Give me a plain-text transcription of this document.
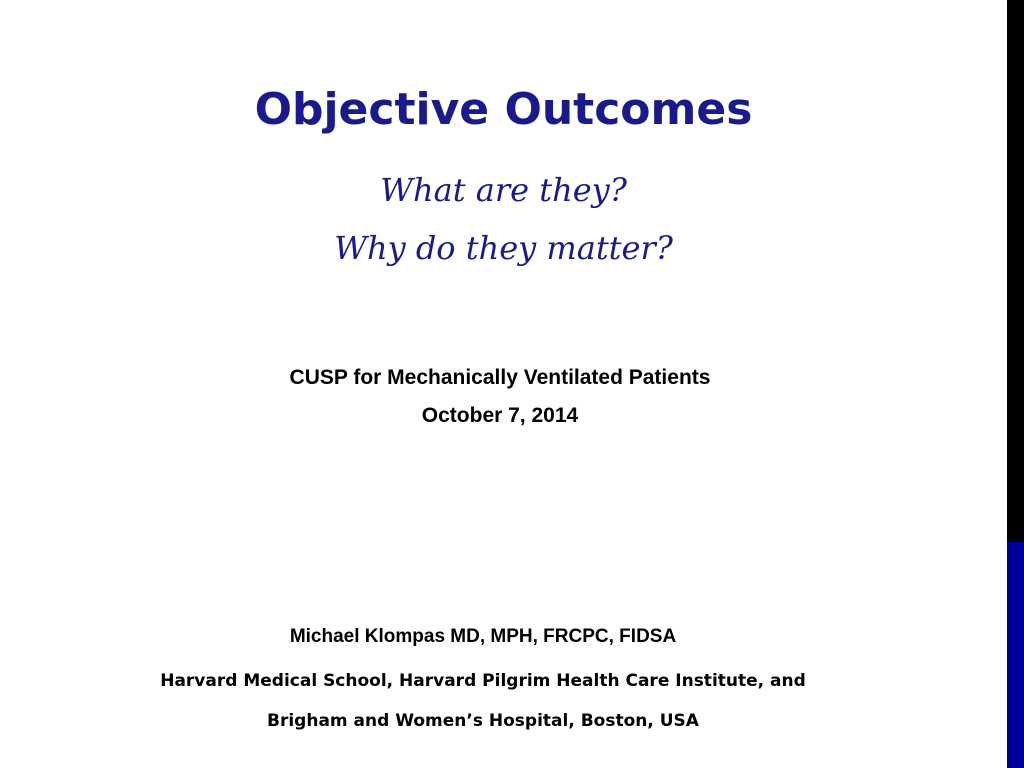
Objective Outcomes
What are they?
Why do they matter?
CUSP for Mechanically Ventilated Patients
October 7, 2014
Michael Klompas MD, MPH, FRCPC, FIDSA
Harvard Medical School, Harvard Pilgrim Health Care Institute, and
Brigham and Women’s Hospital, Boston, USA
